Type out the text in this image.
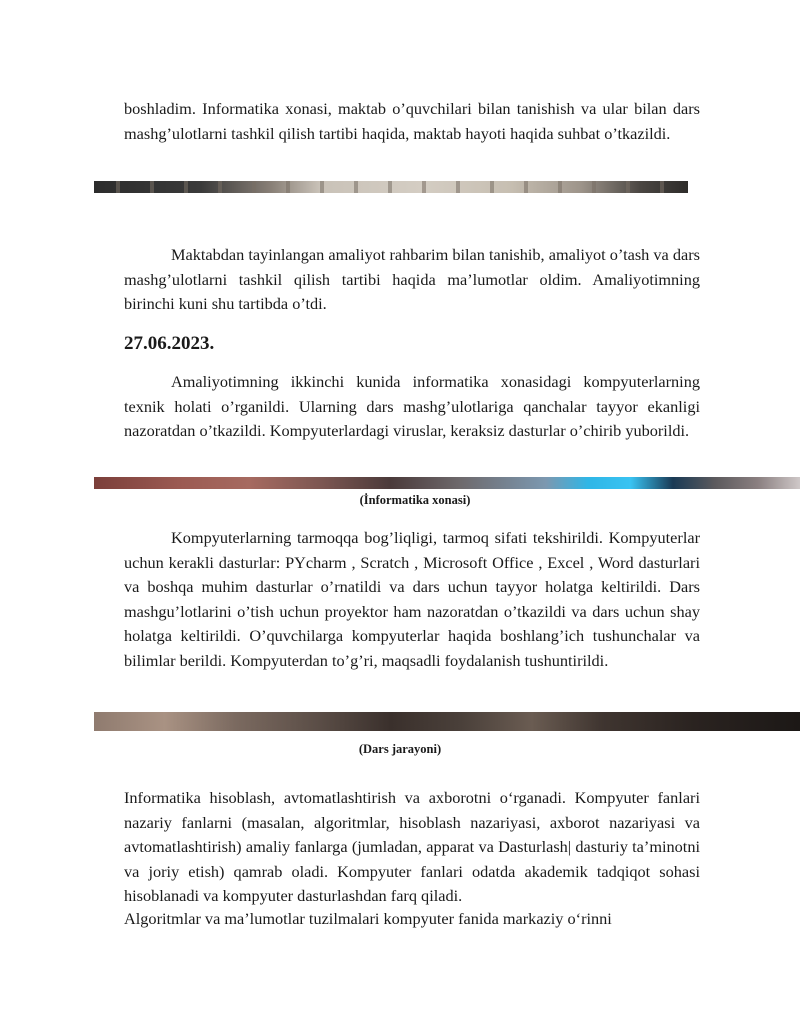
boshladim. Informatika xonasi, maktab o’quvchilari bilan tanishish va ular bilan dars mashg’ulotlarni tashkil qilish tartibi haqida, maktab hayoti haqida suhbat o’tkazildi.

Maktabdan tayinlangan amaliyot rahbarim bilan tanishib, amaliyot o’tash va dars mashg’ulotlarni tashkil qilish tartibi haqida ma’lumotlar oldim. Amaliyotimning birinchi kuni shu tartibda o’tdi.

27.06.2023.

Amaliyotimning ikkinchi kunida informatika xonasidagi kompyuterlarning texnik holati o’rganildi. Ularning dars mashg’ulotlariga qanchalar tayyor ekanligi nazoratdan o’tkazildi. Kompyuterlardagi viruslar, keraksiz dasturlar o’chirib yuborildi.

(İnformatika xonasi)

Kompyuterlarning tarmoqqa bog’liqligi, tarmoq sifati tekshirildi. Kompyuterlar uchun kerakli dasturlar: PYcharm , Scratch , Microsoft Office , Excel , Word dasturlari va boshqa muhim dasturlar o’rnatildi va dars uchun tayyor holatga keltirildi. Dars mashgu’lotlarini o’tish uchun proyektor ham nazoratdan o’tkazildi va dars uchun shay holatga keltirildi. O’quvchilarga kompyuterlar haqida boshlang’ich tushunchalar va bilimlar berildi. Kompyuterdan to’g’ri, maqsadli foydalanish tushuntirildi.

(Dars jarayoni)

Informatika hisoblash, avtomatlashtirish va axborotni oʻrganadi. Kompyuter fanlari nazariy fanlarni (masalan, algoritmlar, hisoblash nazariyasi, axborot nazariyasi va avtomatlashtirish) amaliy fanlarga (jumladan, apparat va Dasturlash| dasturiy taʼminotni va joriy etish) qamrab oladi. Kompyuter fanlari odatda akademik tadqiqot sohasi hisoblanadi va kompyuter dasturlashdan farq qiladi.

Algoritmlar va maʼlumotlar tuzilmalari kompyuter fanida markaziy oʻrinni
